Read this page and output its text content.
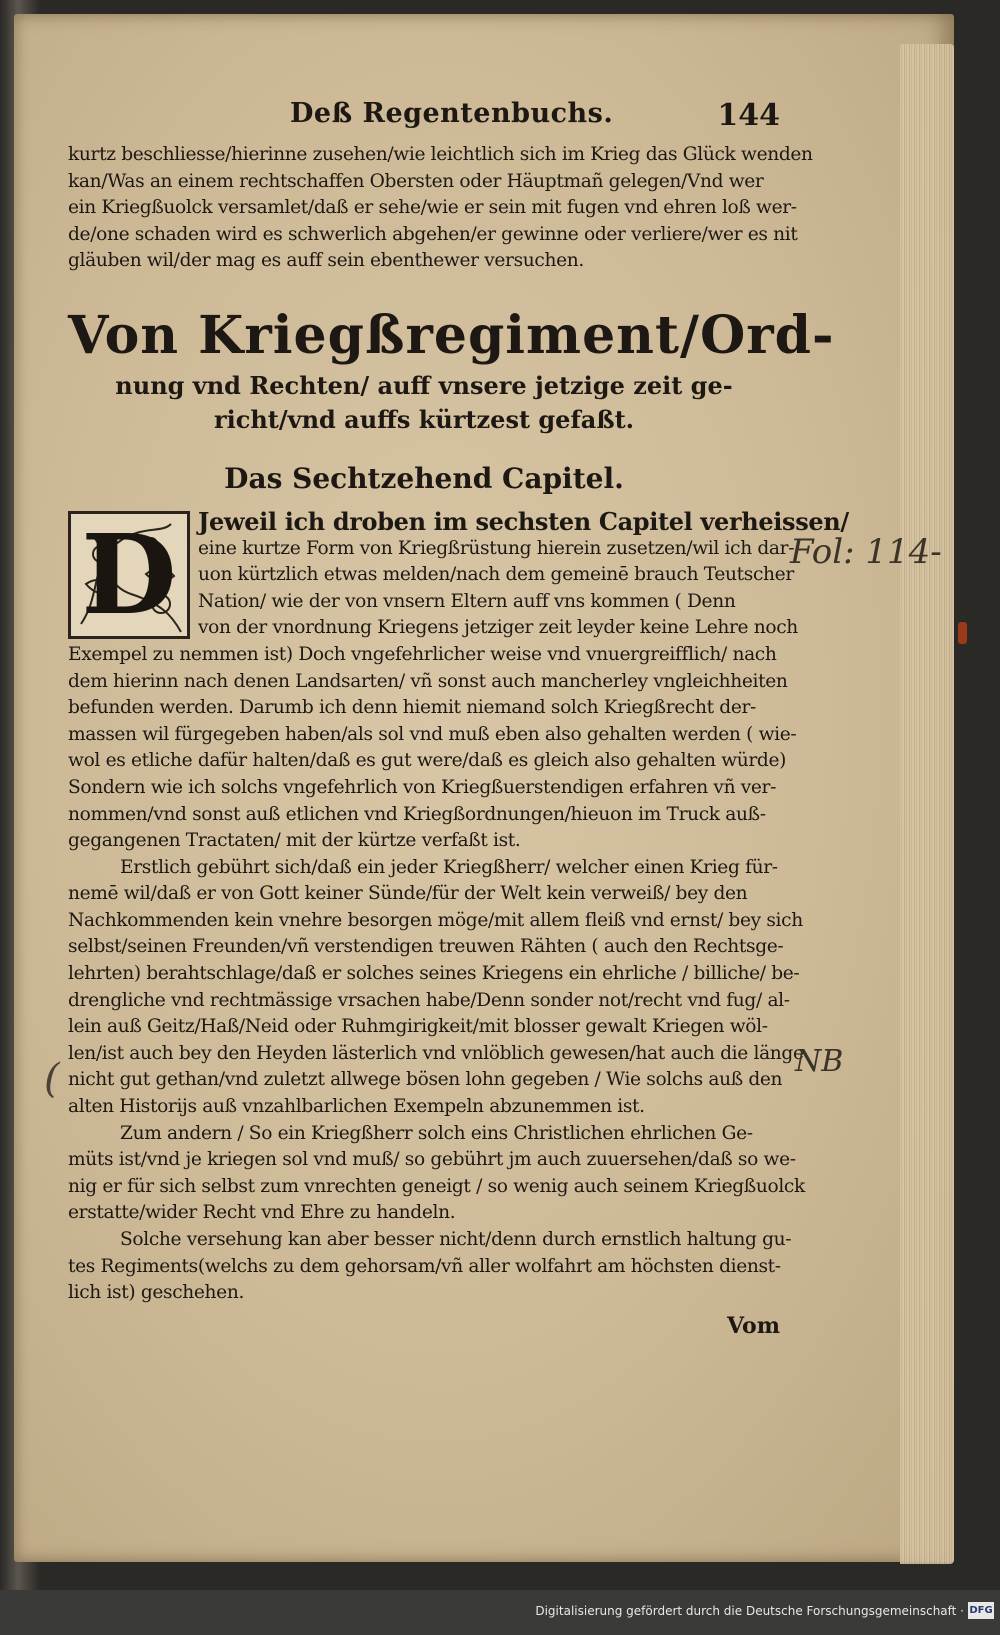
Deß Regentenbuchs.	144
kurtz beschliesse/hierinne zusehen/wie leichtlich sich im Krieg das Glück wenden
kan/Was an einem rechtschaffen Obersten oder Häuptmañ gelegen/Vnd wer
ein Kriegßuolck versamlet/daß er sehe/wie er sein mit fugen vnd ehren loß wer-
de/one schaden wird es schwerlich abgehen/er gewinne oder verliere/wer es nit
gläuben wil/der mag es auff sein ebenthewer versuchen.
Von Kriegßregiment/Ord-
nung vnd Rechten/ auff vnsere jetzige zeit ge-
richt/vnd auffs kürtzest gefaßt.
Das Sechtzehend Capitel.
D Jeweil ich droben im sechsten Capitel verheissen/
eine kurtze Form von Kriegßrüstung hierein zusetzen/wil ich dar-
uon kürtzlich etwas melden/nach dem gemeinē brauch Teutscher
Nation/ wie der von vnsern Eltern auff vns kommen ( Denn
von der vnordnung Kriegens jetziger zeit leyder keine Lehre noch
Exempel zu nemmen ist) Doch vngefehrlicher weise vnd vnuergreifflich/ nach
dem hierinn nach denen Landsarten/ vñ sonst auch mancherley vngleichheiten
befunden werden. Darumb ich denn hiemit niemand solch Kriegßrecht der-
massen wil fürgegeben haben/als sol vnd muß eben also gehalten werden ( wie-
wol es etliche dafür halten/daß es gut were/daß es gleich also gehalten würde)
Sondern wie ich solchs vngefehrlich von Kriegßuerstendigen erfahren vñ ver-
nommen/vnd sonst auß etlichen vnd Kriegßordnungen/hieuon im Truck auß-
gegangenen Tractaten/ mit der kürtze verfaßt ist.
Erstlich gebührt sich/daß ein jeder Kriegßherr/ welcher einen Krieg für-
nemē wil/daß er von Gott keiner Sünde/für der Welt kein verweiß/ bey den
Nachkommenden kein vnehre besorgen möge/mit allem fleiß vnd ernst/ bey sich
selbst/seinen Freunden/vñ verstendigen treuwen Rähten ( auch den Rechtsge-
lehrten) berahtschlage/daß er solches seines Kriegens ein ehrliche / billiche/ be-
drengliche vnd rechtmässige vrsachen habe/Denn sonder not/recht vnd fug/ al-
lein auß Geitz/Haß/Neid oder Ruhmgirigkeit/mit blosser gewalt Kriegen wöl-
len/ist auch bey den Heyden lästerlich vnd vnlöblich gewesen/hat auch die länge
nicht gut gethan/vnd zuletzt allwege bösen lohn gegeben / Wie solchs auß den
alten Historijs auß vnzahlbarlichen Exempeln abzunemmen ist.
Zum andern / So ein Kriegßherr solch eins Christlichen ehrlichen Ge-
müts ist/vnd je kriegen sol vnd muß/ so gebührt jm auch zuuersehen/daß so we-
nig er für sich selbst zum vnrechten geneigt / so wenig auch seinem Kriegßuolck
erstatte/wider Recht vnd Ehre zu handeln.
Solche versehung kan aber besser nicht/denn durch ernstlich haltung gu-
tes Regiments(welchs zu dem gehorsam/vñ aller wolfahrt am höchsten dienst-
lich ist) geschehen.
Vom
Fol: 114-
NB
(
Digitalisierung gefördert durch die Deutsche Forschungsgemeinschaft · DFG
